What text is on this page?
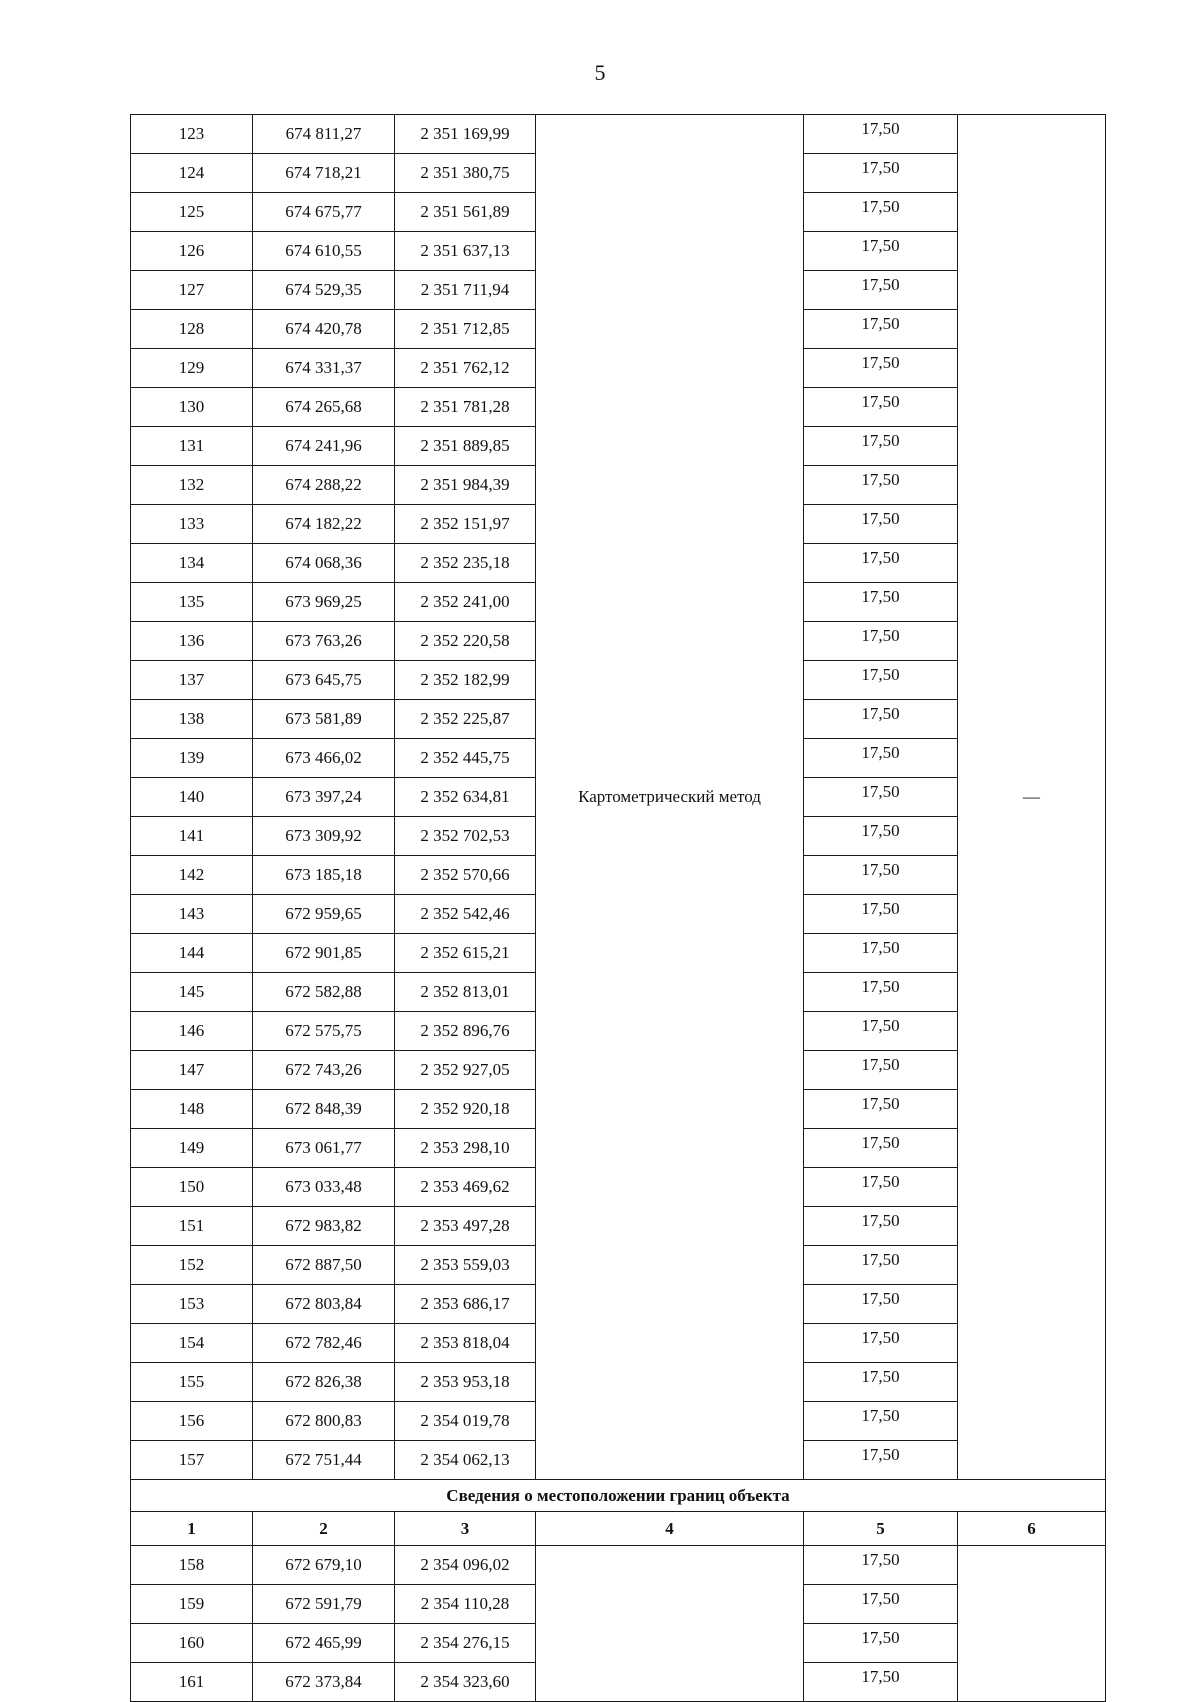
5
123	674 811,27	2 351 169,99	Картометрический метод	17,50	—
124	674 718,21	2 351 380,75		17,50	
125	674 675,77	2 351 561,89		17,50	
126	674 610,55	2 351 637,13		17,50	
127	674 529,35	2 351 711,94		17,50	
128	674 420,78	2 351 712,85		17,50	
129	674 331,37	2 351 762,12		17,50	
130	674 265,68	2 351 781,28		17,50	
131	674 241,96	2 351 889,85		17,50	
132	674 288,22	2 351 984,39		17,50	
133	674 182,22	2 352 151,97		17,50	
134	674 068,36	2 352 235,18		17,50	
135	673 969,25	2 352 241,00		17,50	
136	673 763,26	2 352 220,58		17,50	
137	673 645,75	2 352 182,99		17,50	
138	673 581,89	2 352 225,87		17,50	
139	673 466,02	2 352 445,75		17,50	
140	673 397,24	2 352 634,81		17,50	
141	673 309,92	2 352 702,53		17,50	
142	673 185,18	2 352 570,66		17,50	
143	672 959,65	2 352 542,46		17,50	
144	672 901,85	2 352 615,21		17,50	
145	672 582,88	2 352 813,01		17,50	
146	672 575,75	2 352 896,76		17,50	
147	672 743,26	2 352 927,05		17,50	
148	672 848,39	2 352 920,18		17,50	
149	673 061,77	2 353 298,10		17,50	
150	673 033,48	2 353 469,62		17,50	
151	672 983,82	2 353 497,28		17,50	
152	672 887,50	2 353 559,03		17,50	
153	672 803,84	2 353 686,17		17,50	
154	672 782,46	2 353 818,04		17,50	
155	672 826,38	2 353 953,18		17,50	
156	672 800,83	2 354 019,78		17,50	
157	672 751,44	2 354 062,13		17,50	
Сведения о местоположении границ объекта					
1	2	3	4	5	6
158	672 679,10	2 354 096,02		17,50	
159	672 591,79	2 354 110,28		17,50	
160	672 465,99	2 354 276,15		17,50	
161	672 373,84	2 354 323,60		17,50	
